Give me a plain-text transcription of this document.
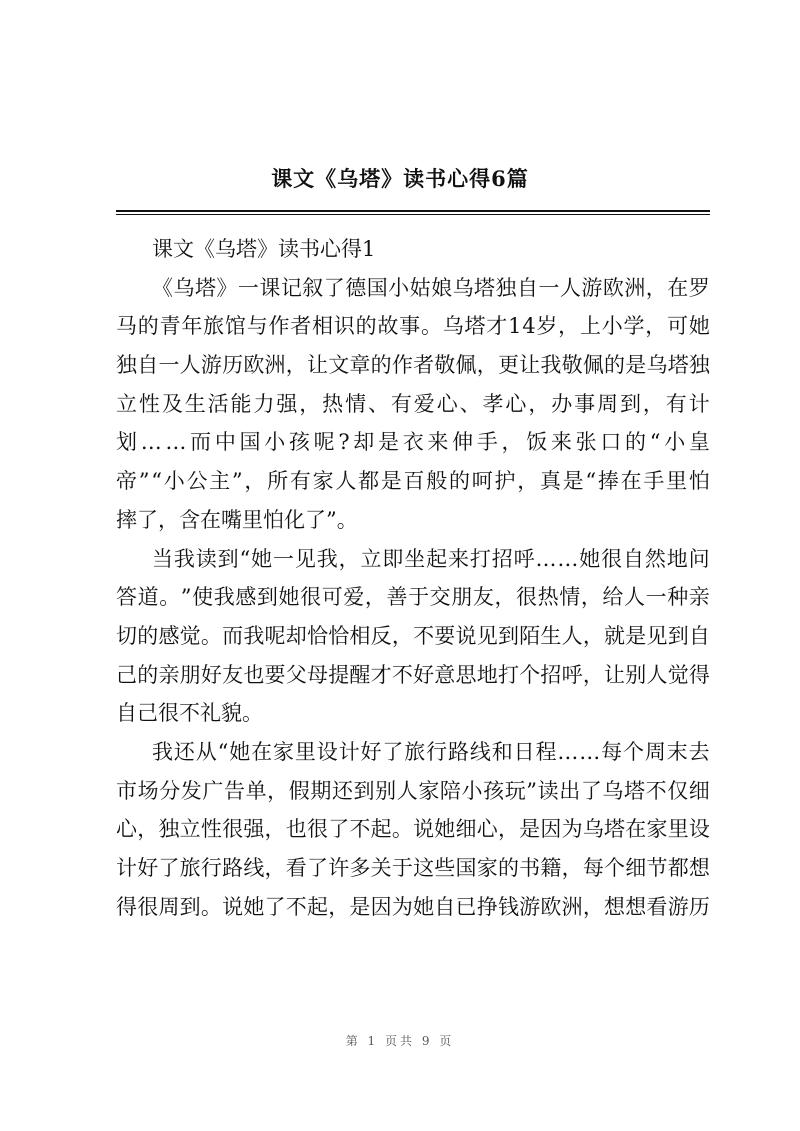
课文《乌塔》读书心得6篇
课文《乌塔》读书心得1
《 乌 塔 》 一 课 记 叙 了 德 国 小 姑 娘 乌 塔 独 自 一 人 游 欧 洲 ， 在 罗
马 的 青 年 旅 馆 与 作 者 相 识 的 故 事 。 乌 塔 才 1 4 岁 ， 上 小 学 ， 可 她
独 自 一 人 游 历 欧 洲 ， 让 文 章 的 作 者 敬 佩 ， 更 让 我 敬 佩 的 是 乌 塔 独
立 性 及 生 活 能 力 强 ， 热 情 、 有 爱 心 、 孝 心 ， 办 事 周 到 ， 有 计
划 … … 而 中 国 小 孩 呢 ? 却 是 衣 来 伸 手 ， 饭 来 张 口 的 “ 小 皇
帝 ” “ 小 公 主 ” ， 所 有 家 人 都 是 百 般 的 呵 护 ， 真 是 “ 捧 在 手 里 怕
摔了，含在嘴里怕化了”。
当 我 读 到 “ 她 一 见 我 ， 立 即 坐 起 来 打 招 呼 … … 她 很 自 然 地 问
答 道 。 ” 使 我 感 到 她 很 可 爱 ， 善 于 交 朋 友 ， 很 热 情 ， 给 人 一 种 亲
切 的 感 觉 。 而 我 呢 却 恰 恰 相 反 ， 不 要 说 见 到 陌 生 人 ， 就 是 见 到 自
己 的 亲 朋 好 友 也 要 父 母 提 醒 才 不 好 意 思 地 打 个 招 呼 ， 让 别 人 觉 得
自己很不礼貌。
我 还 从 “ 她 在 家 里 设 计 好 了 旅 行 路 线 和 日 程 … … 每 个 周 末 去
市 场 分 发 广 告 单 ， 假 期 还 到 别 人 家 陪 小 孩 玩 ” 读 出 了 乌 塔 不 仅 细
心 ， 独 立 性 很 强 ， 也 很 了 不 起 。 说 她 细 心 ， 是 因 为 乌 塔 在 家 里 设
计 好 了 旅 行 路 线 ， 看 了 许 多 关 于 这 些 国 家 的 书 籍 ， 每 个 细 节 都 想
得 很 周 到 。 说 她 了 不 起 ， 是 因 为 她 自 已 挣 钱 游 欧 洲 ， 想 想 看 游 历
第 1 页共 9 页
